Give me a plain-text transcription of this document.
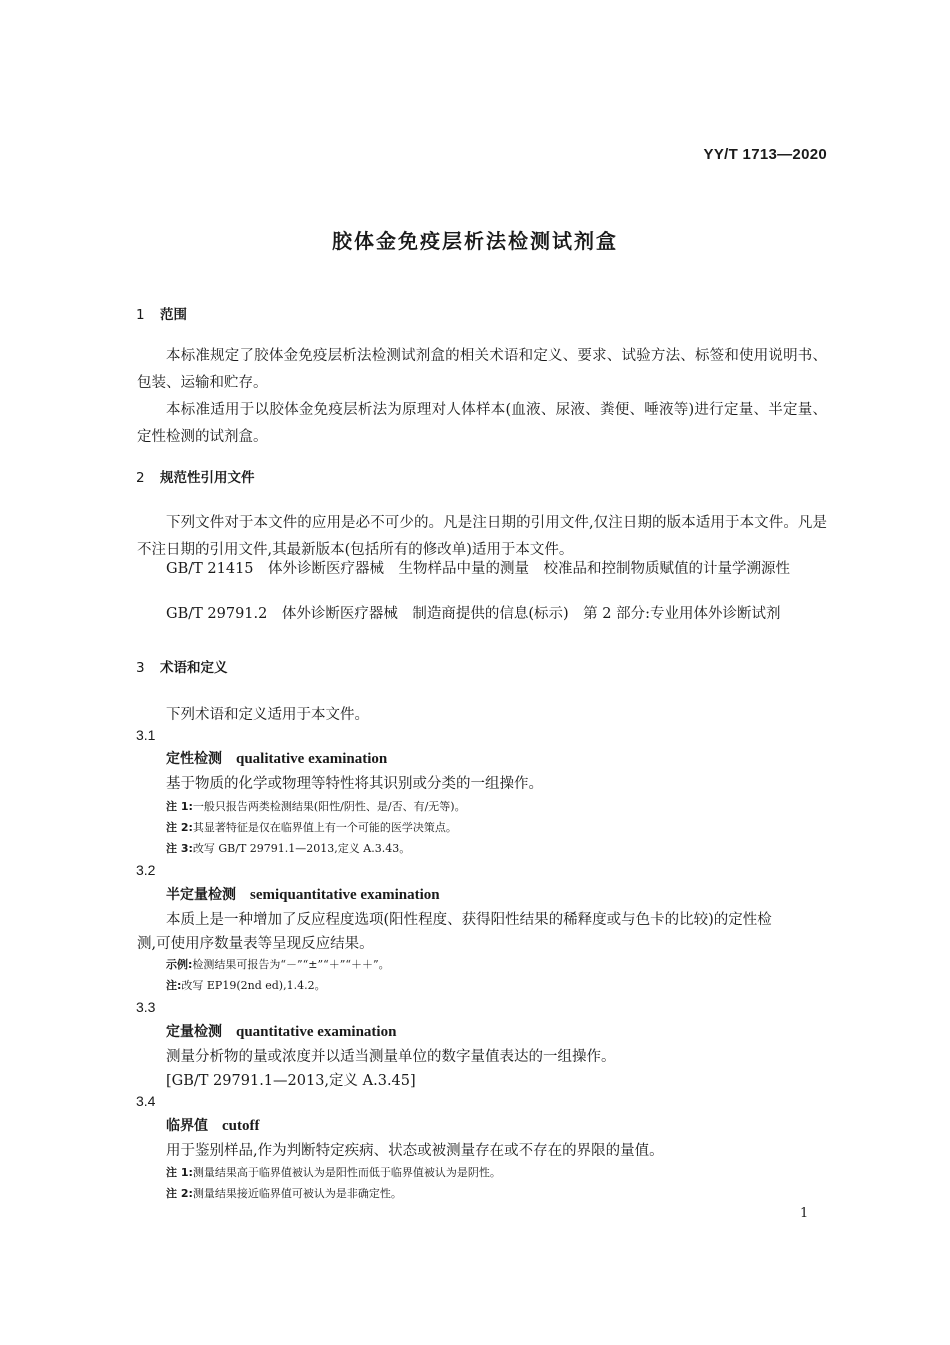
YY/T 1713—2020
胶体金免疫层析法检测试剂盒
1 范围
本标准规定了胶体金免疫层析法检测试剂盒的相关术语和定义、要求、试验方法、标签和使用说明书、包装、运输和贮存。
本标准适用于以胶体金免疫层析法为原理对人体样本(血液、尿液、粪便、唾液等)进行定量、半定量、定性检测的试剂盒。
2 规范性引用文件
下列文件对于本文件的应用是必不可少的。凡是注日期的引用文件,仅注日期的版本适用于本文件。凡是不注日期的引用文件,其最新版本(包括所有的修改单)适用于本文件。
GB/T 21415　体外诊断医疗器械　生物样品中量的测量　校准品和控制物质赋值的计量学溯源性
GB/T 29791.2　体外诊断医疗器械　制造商提供的信息(标示)　第 2 部分:专业用体外诊断试剂
3 术语和定义
下列术语和定义适用于本文件。
3.1
定性检测 qualitative examination
基于物质的化学或物理等特性将其识别或分类的一组操作。
注 1:一般只报告两类检测结果(阳性/阴性、是/否、有/无等)。
注 2:其显著特征是仅在临界值上有一个可能的医学决策点。
注 3:改写 GB/T 29791.1—2013,定义 A.3.43。
3.2
半定量检测 semiquantitative examination
本质上是一种增加了反应程度选项(阳性程度、获得阳性结果的稀释度或与色卡的比较)的定性检
测,可使用序数量表等呈现反应结果。
示例:检测结果可报告为“－”“±”“＋”“＋＋”。
注:改写 EP19(2nd ed),1.4.2。
3.3
定量检测 quantitative examination
测量分析物的量或浓度并以适当测量单位的数字量值表达的一组操作。
[GB/T 29791.1—2013,定义 A.3.45]
3.4
临界值 cutoff
用于鉴别样品,作为判断特定疾病、状态或被测量存在或不存在的界限的量值。
注 1:测量结果高于临界值被认为是阳性而低于临界值被认为是阴性。
注 2:测量结果接近临界值可被认为是非确定性。
1
